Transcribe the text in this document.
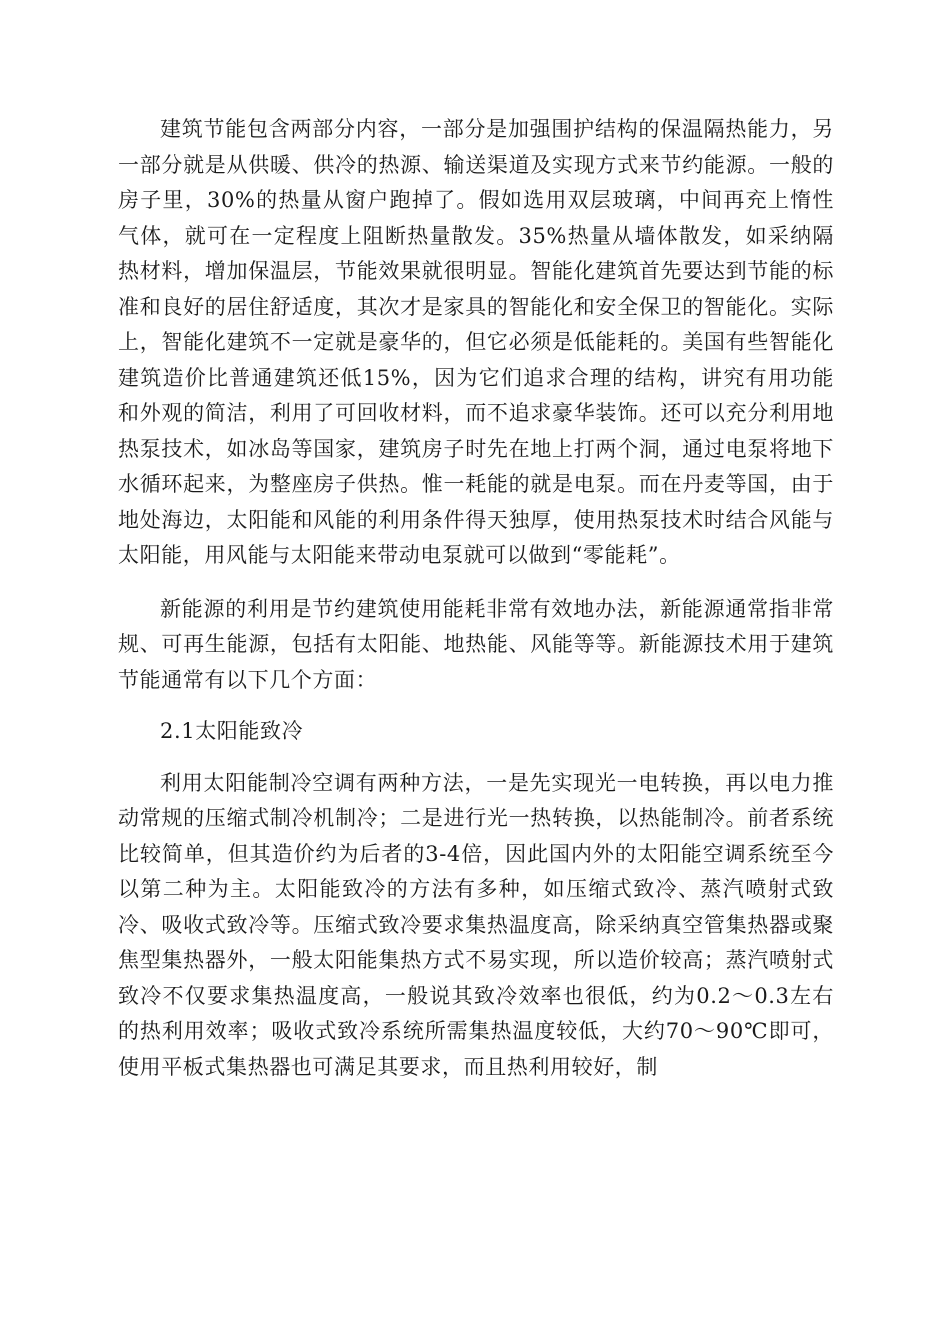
建筑节能包含两部分内容，一部分是加强围护结构的保温隔热能力，另一部分就是从供暖、供冷的热源、输送渠道及实现方式来节约能源。一般的房子里，30%的热量从窗户跑掉了。假如选用双层玻璃，中间再充上惰性气体，就可在一定程度上阻断热量散发。35%热量从墙体散发，如采纳隔热材料，增加保温层，节能效果就很明显。智能化建筑首先要达到节能的标准和良好的居住舒适度，其次才是家具的智能化和安全保卫的智能化。实际上，智能化建筑不一定就是豪华的，但它必须是低能耗的。美国有些智能化建筑造价比普通建筑还低15%，因为它们追求合理的结构，讲究有用功能和外观的简洁，利用了可回收材料，而不追求豪华装饰。还可以充分利用地热泵技术，如冰岛等国家，建筑房子时先在地上打两个洞，通过电泵将地下水循环起来，为整座房子供热。惟一耗能的就是电泵。而在丹麦等国，由于地处海边，太阳能和风能的利用条件得天独厚，使用热泵技术时结合风能与太阳能，用风能与太阳能来带动电泵就可以做到“零能耗”。

新能源的利用是节约建筑使用能耗非常有效地办法，新能源通常指非常规、可再生能源，包括有太阳能、地热能、风能等等。新能源技术用于建筑节能通常有以下几个方面：

2.1太阳能致冷

利用太阳能制冷空调有两种方法，一是先实现光一电转换，再以电力推动常规的压缩式制冷机制冷；二是进行光一热转换，以热能制冷。前者系统比较简单，但其造价约为后者的3-4倍，因此国内外的太阳能空调系统至今以第二种为主。太阳能致冷的方法有多种，如压缩式致冷、蒸汽喷射式致冷、吸收式致冷等。压缩式致冷要求集热温度高，除采纳真空管集热器或聚焦型集热器外，一般太阳能集热方式不易实现，所以造价较高；蒸汽喷射式致冷不仅要求集热温度高，一般说其致冷效率也很低，约为0.2～0.3左右的热利用效率；吸收式致冷系统所需集热温度较低，大约70～90℃即可，使用平板式集热器也可满足其要求，而且热利用较好，制
